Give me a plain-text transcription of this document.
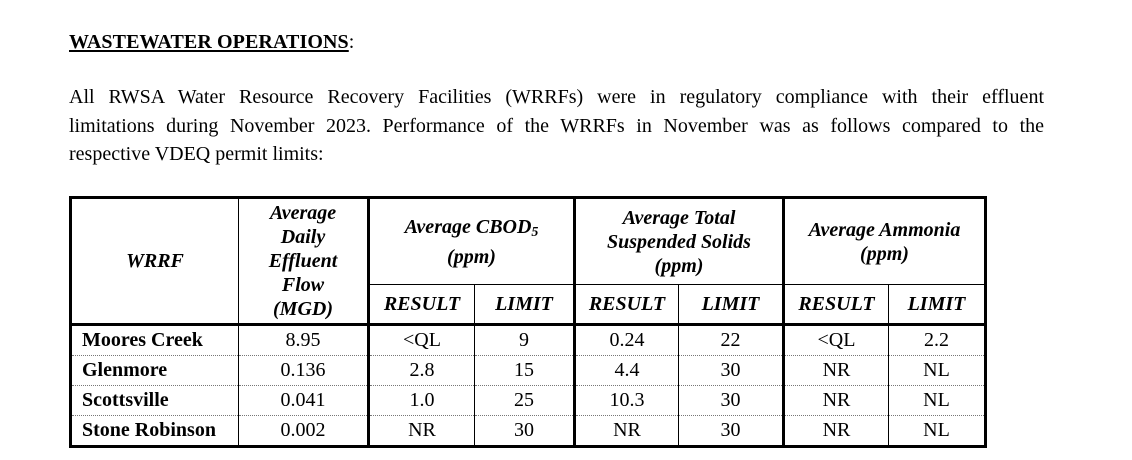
WASTEWATER OPERATIONS:
All RWSA Water Resource Recovery Facilities (WRRFs) were in regulatory compliance with their effluent
limitations during November 2023. Performance of the WRRFs in November was as follows compared to the
respective VDEQ permit limits:
WRRF	Average
Daily
Effluent
Flow
(MGD)	Average $CBOD_5$
(ppm)		Average Total
Suspended Solids
(ppm)		Average Ammonia
(ppm)	
		RESULT	LIMIT	RESULT	LIMIT	RESULT	LIMIT
Moores Creek	8.95	<QL	9	0.24	22	<QL	2.2
Glenmore	0.136	2.8	15	4.4	30	NR	NL
Scottsville	0.041	1.0	25	10.3	30	NR	NL
Stone Robinson	0.002	NR	30	NR	30	NR	NL
